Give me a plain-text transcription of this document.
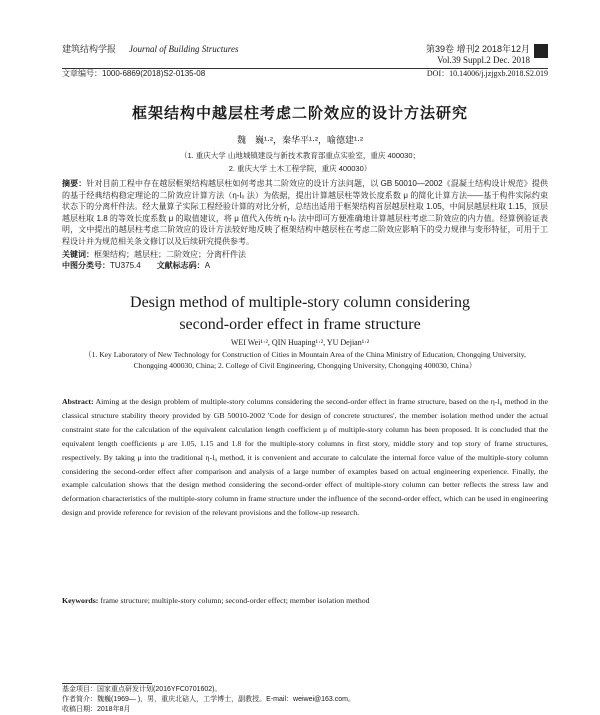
建筑结构学报 Journal of Building Structures	第39卷 增刊2 2018年12月
Vol.39 Suppl.2 Dec. 2018
文章编号：1000-6869(2018)S2-0135-08	DOI：10.14006/j.jzjgxb.2018.S2.019
框架结构中越层柱考虑二阶效应的设计方法研究
魏　巍¹·²，秦华平¹·²，喻德建¹·²
（1. 重庆大学 山地城镇建设与新技术教育部重点实验室，重庆 400030；
2. 重庆大学 土木工程学院，重庆 400030）
摘要：针对目前工程中存在越层框架结构越层柱如何考虑其二阶效应的设计方法问题，以 GB 50010—2002《混凝土结构设计规范》提供的基于经典结构稳定理论的二阶效应计算方法（η-l₀ 法）为依据，提出计算越层柱等效长度系数 μ 的简化计算方法——基于构件实际约束状态下的分离杆件法。经大量算子实际工程经验计算的对比分析，总结出适用于框架结构首层越层柱取 1.05，中间层越层柱取 1.15，顶层越层柱取 1.8 的等效长度系数 μ 的取值建议，将 μ 值代入传统 η-l₀ 法中即可方便准确地计算越层柱考虑二阶效应的内力值。经算例验证表明，文中提出的越层柱考虑二阶效应的设计方法较好地反映了框架结构中越层柱在考虑二阶效应影响下的受力规律与变形特征，可用于工程设计并为规范相关条文修订以及后续研究提供参考。
关键词：框架结构；越层柱；二阶效应；分离杆件法
中图分类号：TU375.4 文献标志码：A
Design method of multiple-story column considering
second-order effect in frame structure
WEI Wei¹·², QIN Huaping¹·², YU Dejian¹·²
（1. Key Laboratory of New Technology for Construction of Cities in Mountain Area of the China Ministry of Education, Chongqing University, Chongqing 400030, China; 2. College of Civil Engineering, Chongqing University, Chongqing 400030, China）
Abstract: Aiming at the design problem of multiple-story columns considering the second-order effect in frame structure, based on the η-l₀ method in the classical structure stability theory provided by GB 50010-2002 'Code for design of concrete structures', the member isolation method under the actual constraint state for the calculation of the equivalent calculation length coefficient μ of multiple-story column has been proposed. It is concluded that the equivalent length coefficients μ are 1.05, 1.15 and 1.8 for the multiple-story columns in first story, middle story and top story of frame structures, respectively. By taking μ into the traditional η-l₀ method, it is convenient and accurate to calculate the internal force value of the multiple-story column considering the second-order effect after comparison and analysis of a large number of examples based on actual engineering experience. Finally, the example calculation shows that the design method considering the second-order effect of multiple-story column can better reflects the stress law and deformation characteristics of the multiple-story column in frame structure under the influence of the second-order effect, which can be used in engineering design and provide reference for revision of the relevant provisions and the follow-up research.
Keywords: frame structure; multiple-story column; second-order effect; member isolation method
基金项目：国家重点研发计划(2016YFC0701602)。
作者简介：魏巍(1969— )，男，重庆北碚人，工学博士，副教授。E-mail：weiwei@163.com。
收稿日期：2018年8月
